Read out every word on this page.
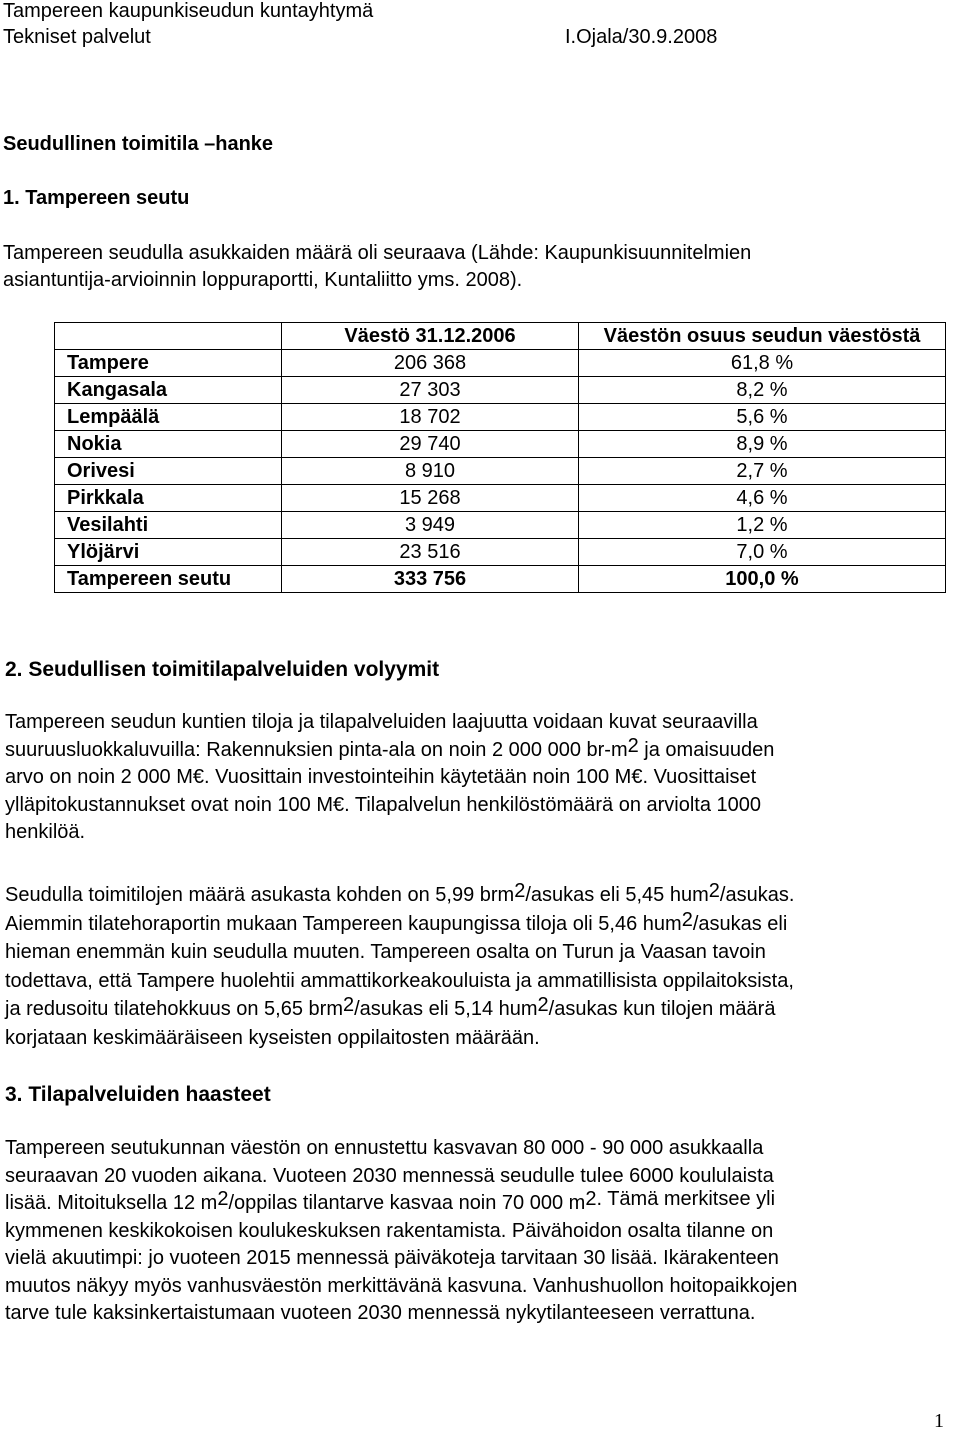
Tampereen kaupunkiseudun kuntayhtymä
Tekniset palvelut	I.Ojala/30.9.2008
Seudullinen toimitila –hanke
1. Tampereen seutu
Tampereen seudulla asukkaiden määrä oli seuraava (Lähde: Kaupunkisuunnitelmien
asiantuntija-arvioinnin loppuraportti, Kuntaliitto yms. 2008).
	Väestö 31.12.2006	Väestön osuus seudun väestöstä
Tampere	206 368	61,8 %
Kangasala	27 303	8,2 %
Lempäälä	18 702	5,6 %
Nokia	29 740	8,9 %
Orivesi	8 910	2,7 %
Pirkkala	15 268	4,6 %
Vesilahti	3 949	1,2 %
Ylöjärvi	23 516	7,0 %
Tampereen seutu	333 756	100,0 %
2. Seudullisen toimitilapalveluiden volyymit
Tampereen seudun kuntien tiloja ja tilapalveluiden laajuutta voidaan kuvat seuraavilla
suuruusluokkaluvuilla: Rakennuksien pinta-ala on noin 2 000 000 br-m2 ja omaisuuden
arvo on noin 2 000 M€. Vuosittain investointeihin käytetään noin 100 M€. Vuosittaiset
ylläpitokustannukset ovat noin 100 M€. Tilapalvelun henkilöstömäärä on arviolta 1000
henkilöä.
Seudulla toimitilojen määrä asukasta kohden on 5,99 brm2/asukas eli 5,45 hum2/asukas.
Aiemmin tilatehoraportin mukaan Tampereen kaupungissa tiloja oli 5,46 hum2/asukas eli
hieman enemmän kuin seudulla muuten. Tampereen osalta on Turun ja Vaasan tavoin
todettava, että Tampere huolehtii ammattikorkeakouluista ja ammatillisista oppilaitoksista,
ja redusoitu tilatehokkuus on 5,65 brm2/asukas eli 5,14 hum2/asukas kun tilojen määrä
korjataan keskimääräiseen kyseisten oppilaitosten määrään.
3. Tilapalveluiden haasteet
Tampereen seutukunnan väestön on ennustettu kasvavan 80 000 - 90 000 asukkaalla
seuraavan 20 vuoden aikana. Vuoteen 2030 mennessä seudulle tulee 6000 koululaista
lisää. Mitoituksella 12 m2/oppilas tilantarve kasvaa noin 70 000 m2. Tämä merkitsee yli
kymmenen keskikokoisen koulukeskuksen rakentamista. Päivähoidon osalta tilanne on
vielä akuutimpi: jo vuoteen 2015 mennessä päiväkoteja tarvitaan 30 lisää. Ikärakenteen
muutos näkyy myös vanhusväestön merkittävänä kasvuna. Vanhushuollon hoitopaikkojen
tarve tule kaksinkertaistumaan vuoteen 2030 mennessä nykytilanteeseen verrattuna.
1
